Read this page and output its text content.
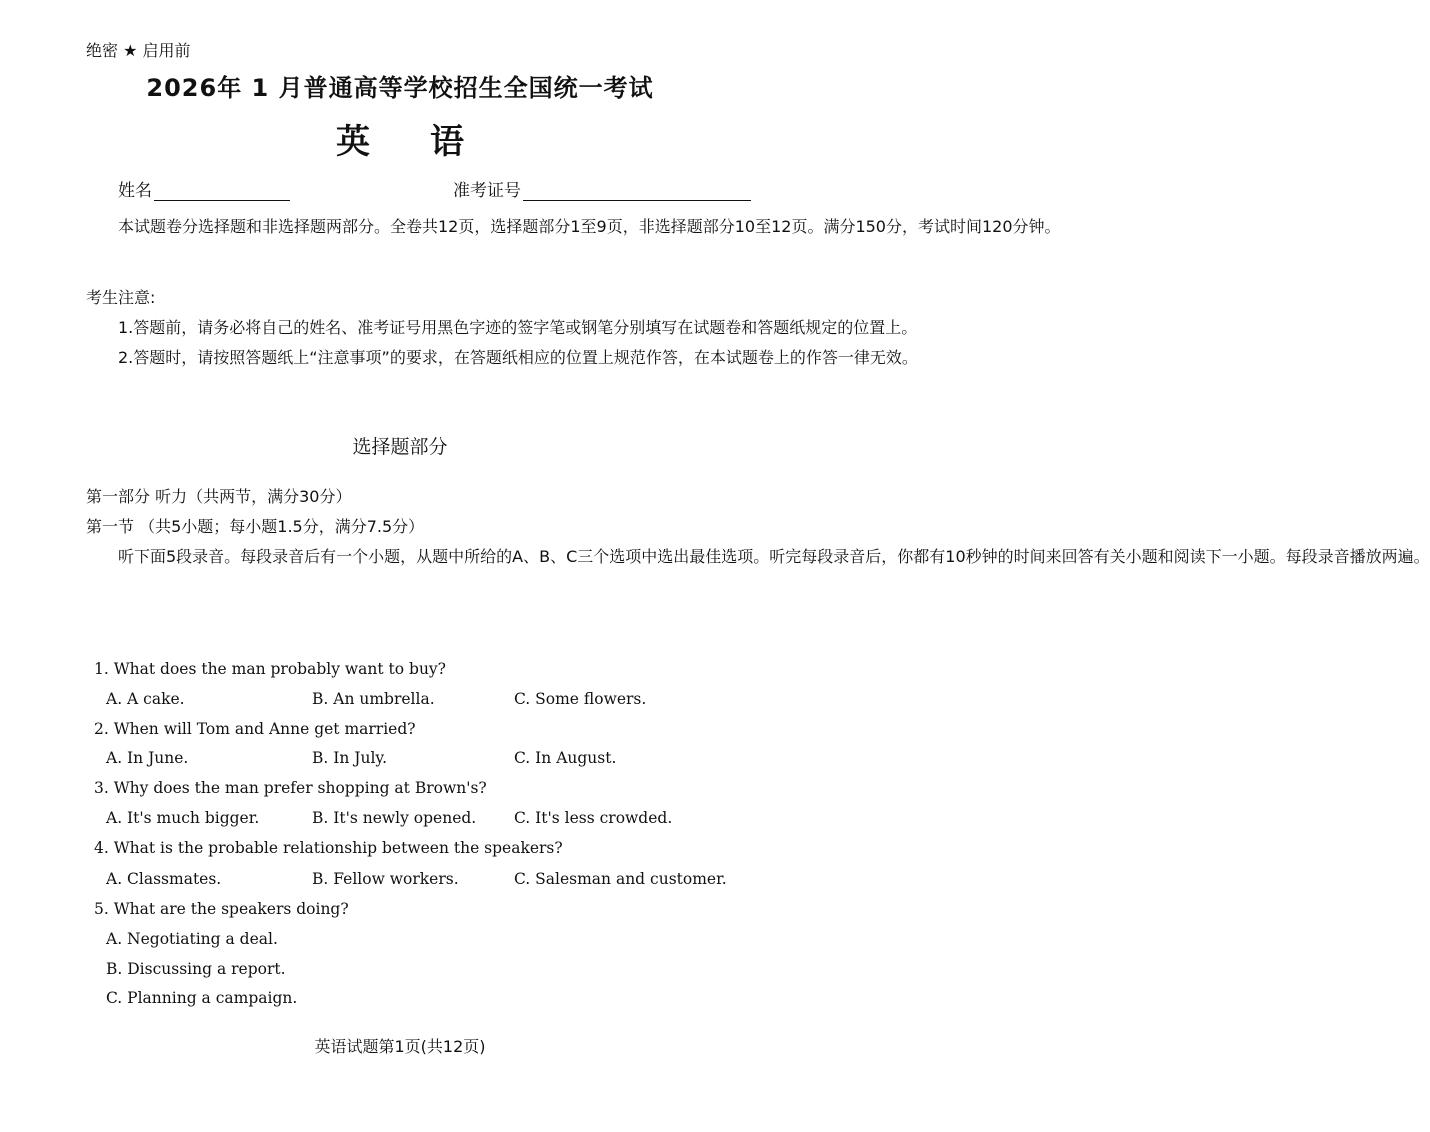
绝密 ★ 启用前
2026年 1 月普通高等学校招生全国统一考试
英语
姓名	准考证号

本试题卷分选择题和非选择题两部分。全卷共12页，选择题部分1至9页，非选择题部分10至12页。满分150分，考试时间120分钟。

考生注意:

1.答题前，请务必将自己的姓名、准考证号用黑色字迹的签字笔或钢笔分别填写在试题卷和答题纸规定的位置上。

2.答题时，请按照答题纸上“注意事项”的要求，在答题纸相应的位置上规范作答，在本试题卷上的作答一律无效。

选择题部分

第一部分 听力（共两节，满分30分）

第一节 （共5小题；每小题1.5分，满分7.5分）

听下面5段录音。每段录音后有一个小题，从题中所给的A、B、C三个选项中选出最佳选项。听完每段录音后，你都有10秒钟的时间来回答有关小题和阅读下一小题。每段录音播放两遍。

1. What does the man probably want to buy?
A. A cake.	B. An umbrella.	C. Some flowers.
2. When will Tom and Anne get married?
A. In June.	B. In July.	C. In August.
3. Why does the man prefer shopping at Brown's?
A. It's much bigger.	B. It's newly opened. C. It's less crowded.
4. What is the probable relationship between the speakers?
A. Classmates.	B. Fellow workers.	C. Salesman and customer.
5. What are the speakers doing?
A. Negotiating a deal.
B. Discussing a report.
C. Planning a campaign.
英语试题第1页(共12页)
